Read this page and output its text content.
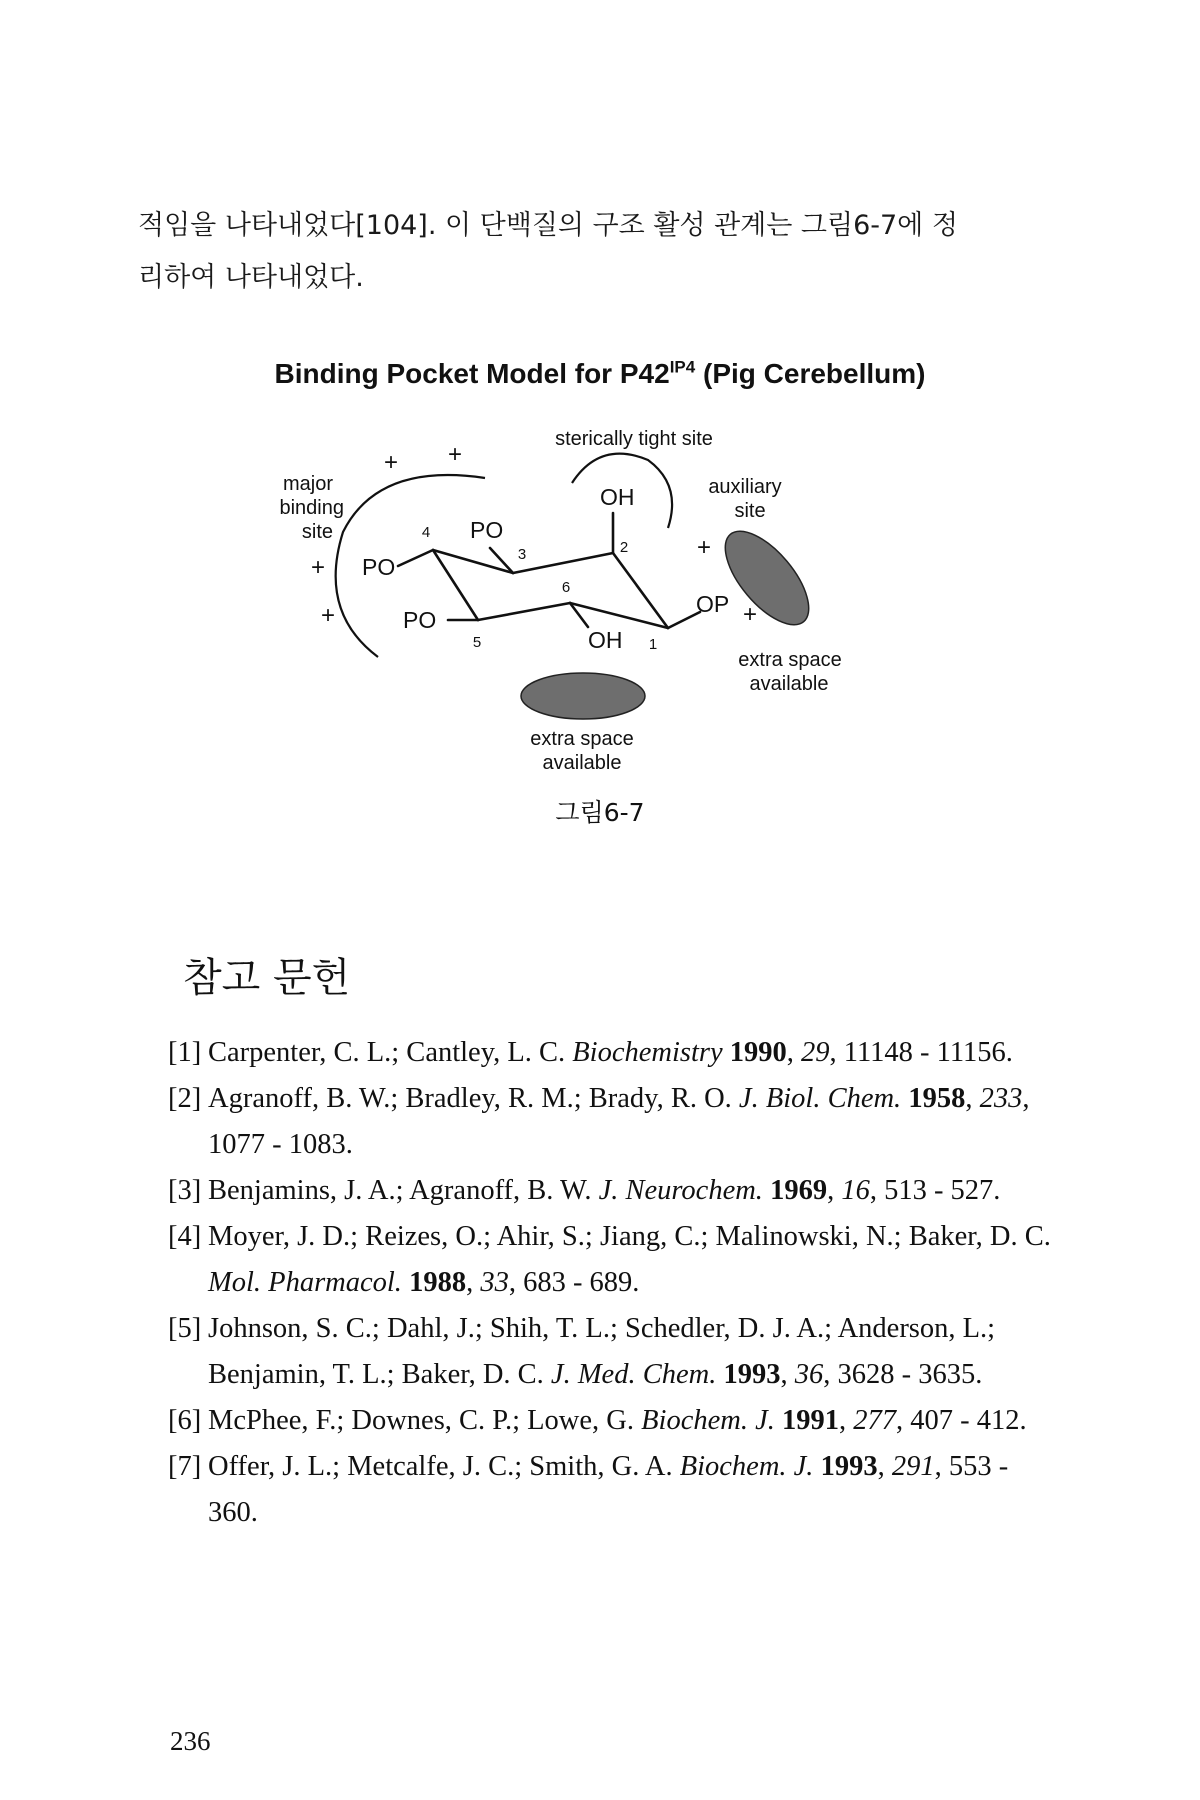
적임을 나타내었다[104]. 이 단백질의 구조 활성 관계는 그림6-7에 정
리하여 나타내었다.

Binding Pocket Model for $P42^{IP4}$ (Pig Cerebellum)
sterically tight site
+ +
major
binding
site
+
+
PO
PO
PO
OH
OH
OP
4
3	2
6
5	1
auxiliary
site
+
+
extra space
available
extra space
available
그림6-7
참고 문헌
[1] Carpenter, C. L.; Cantley, L. C. Biochemistry 1990, 29, 11148 - 11156.
[2] Agranoff, B. W.; Bradley, R. M.; Brady, R. O. J. Biol. Chem. 1958, 233, 1077 - 1083.
[3] Benjamins, J. A.; Agranoff, B. W. J. Neurochem. 1969, 16, 513 - 527.
[4] Moyer, J. D.; Reizes, O.; Ahir, S.; Jiang, C.; Malinowski, N.; Baker, D. C. Mol. Pharmacol. 1988, 33, 683 - 689.
[5] Johnson, S. C.; Dahl, J.; Shih, T. L.; Schedler, D. J. A.; Anderson, L.; Benjamin, T. L.; Baker, D. C. J. Med. Chem. 1993, 36, 3628 - 3635.
[6] McPhee, F.; Downes, C. P.; Lowe, G. Biochem. J. 1991, 277, 407 - 412.
[7] Offer, J. L.; Metcalfe, J. C.; Smith, G. A. Biochem. J. 1993, 291, 553 - 360.
236
